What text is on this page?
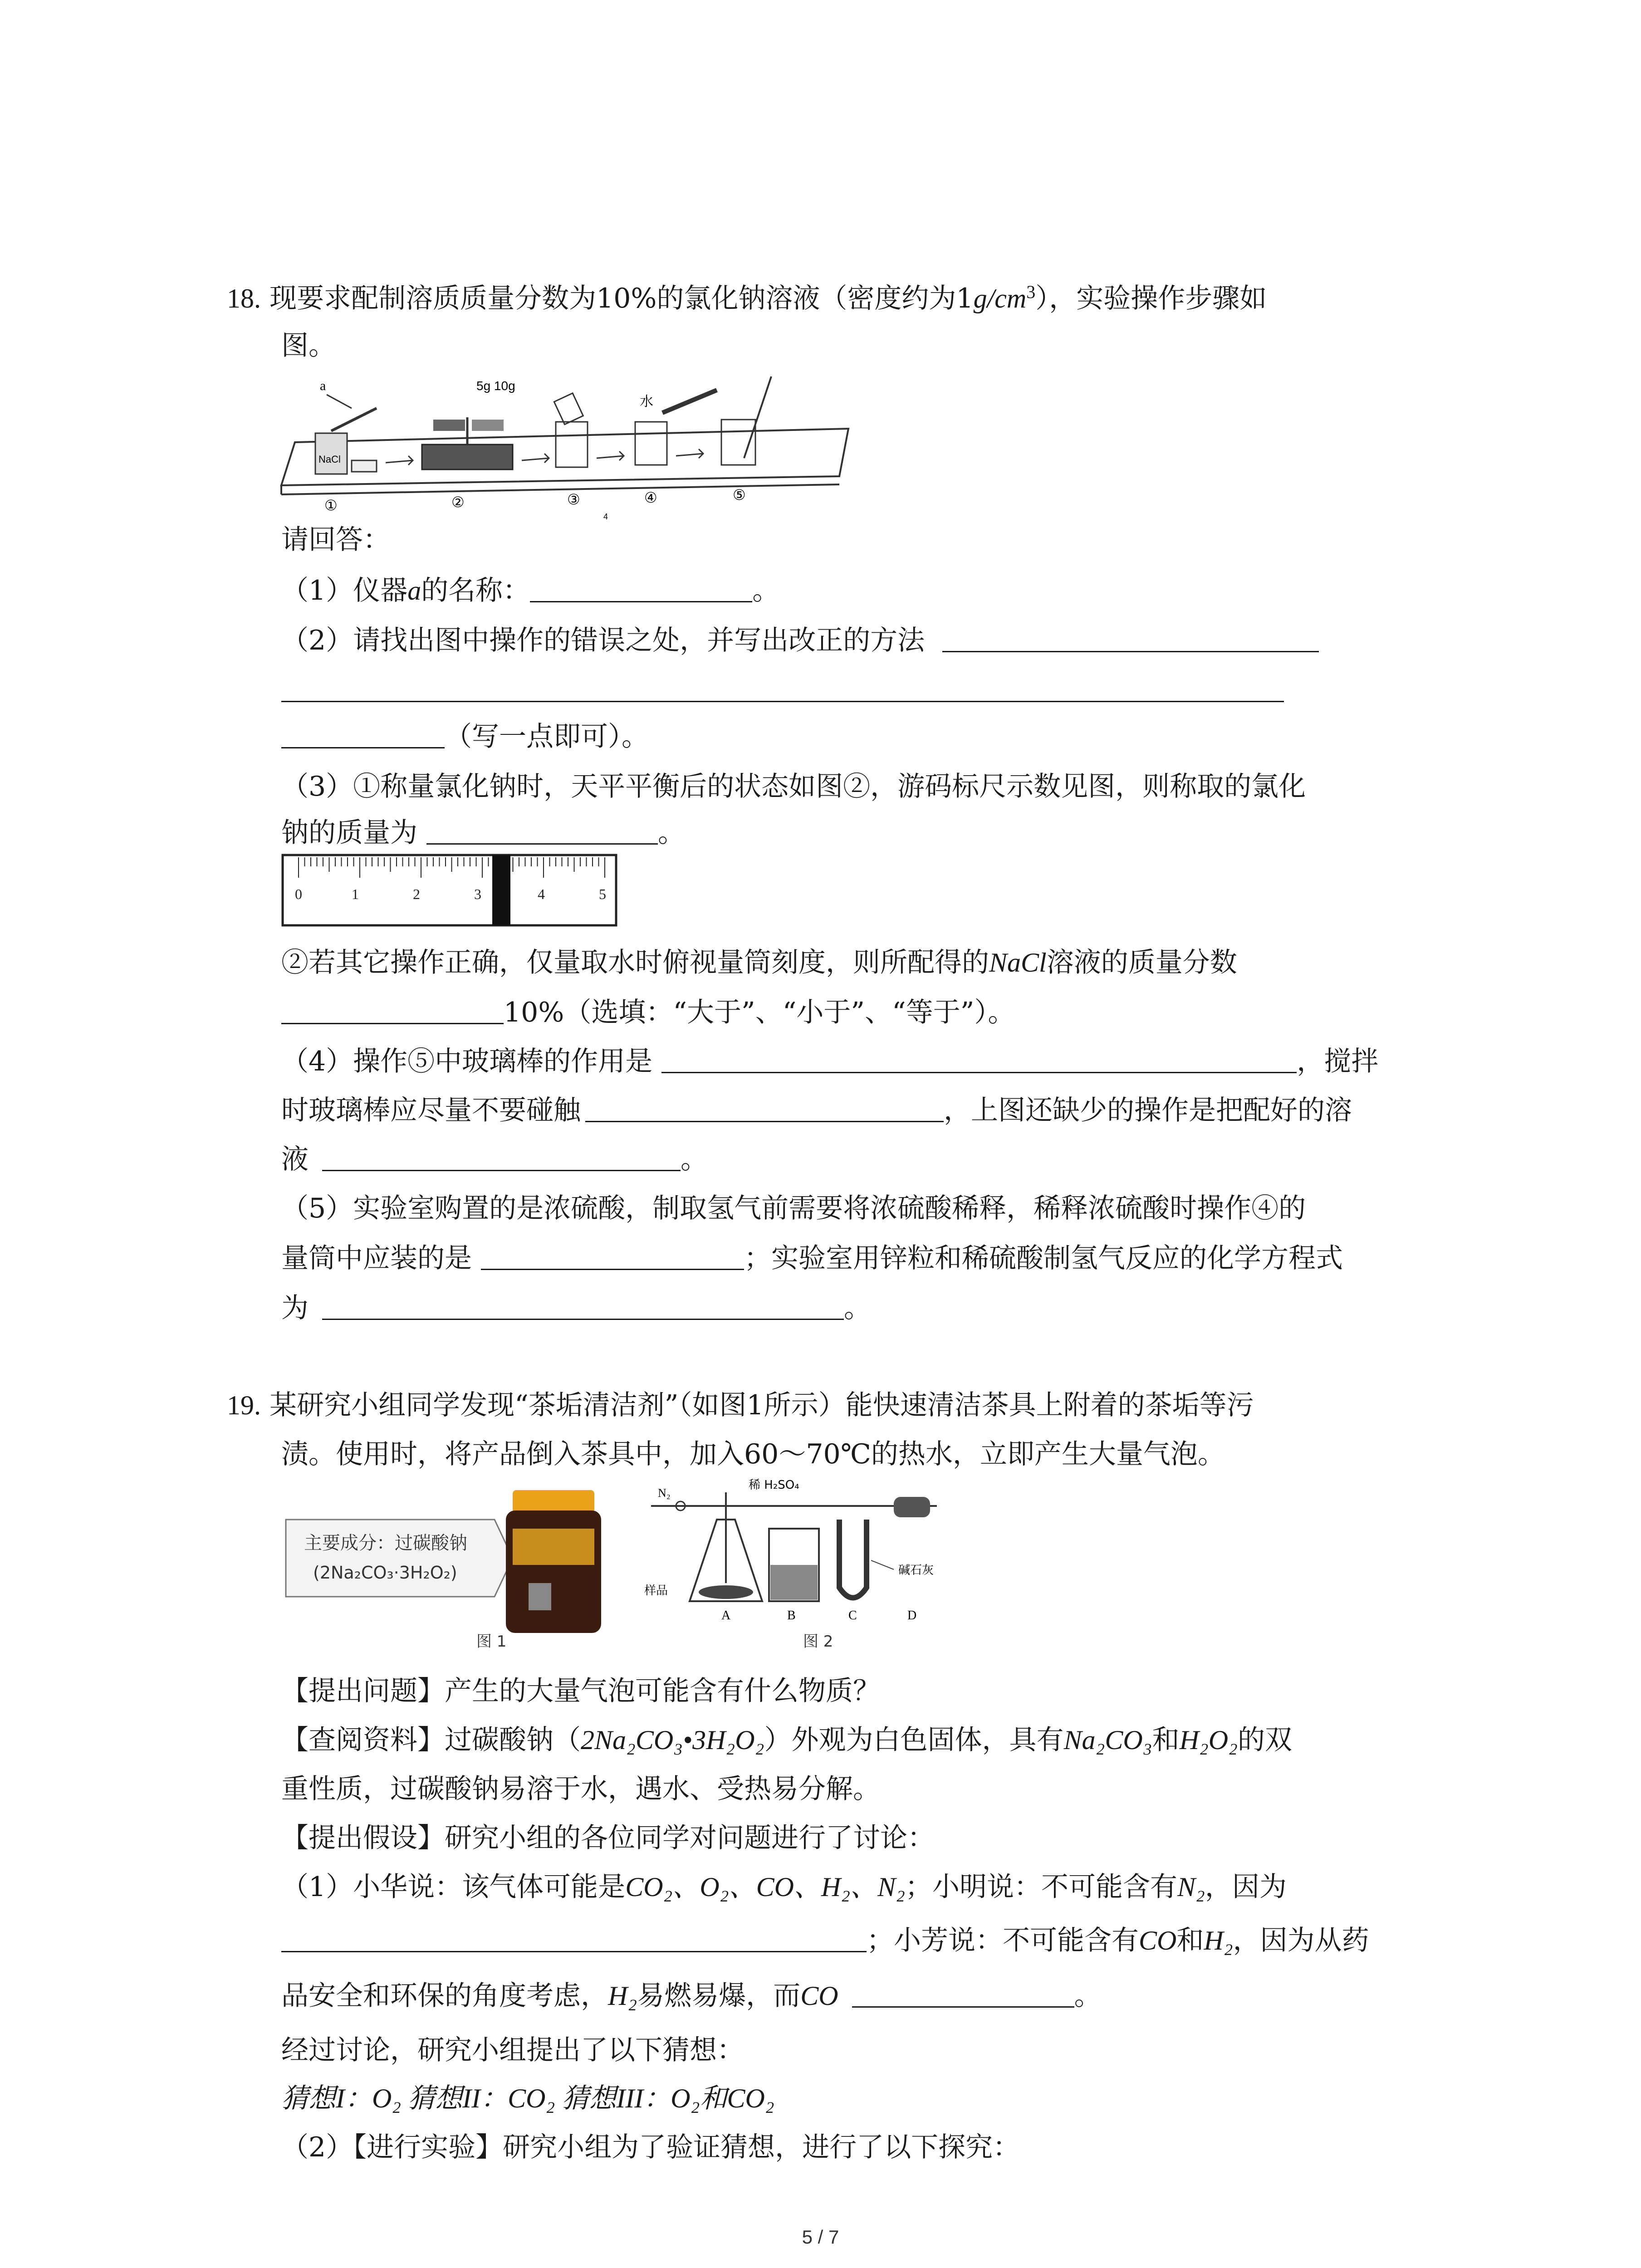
18. 现要求配制溶质质量分数为10%的氯化钠溶液（密度约为$1g/cm^3$），实验操作步骤如
图。
NaCl
a	5g 10g
水
①	②	③	④	⑤
4
请回答：
（1）仪器a的名称：	。
（2）请找出图中操作的错误之处，并写出改正的方法
（写一点即可）。
（3）①称量氯化钠时，天平平衡后的状态如图②，游码标尺示数见图，则称取的氯化
钠的质量为	。
0	1	2	3	4	5
②若其它操作正确，仅量取水时俯视量筒刻度，则所配得的NaCl溶液的质量分数
10%（选填：“大于”、“小于”、“等于”）。
（4）操作⑤中玻璃棒的作用是	，搅拌
时玻璃棒应尽量不要碰触	，上图还缺少的操作是把配好的溶
液	。
（5）实验室购置的是浓硫酸，制取氢气前需要将浓硫酸稀释，稀释浓硫酸时操作④的
量筒中应装的是	；实验室用锌粒和稀硫酸制氢气反应的化学方程式
为	。
19. 某研究小组同学发现“茶垢清洁剂”（如图1所示）能快速清洁茶具上附着的茶垢等污
渍。使用时，将产品倒入茶具中，加入60～70℃的热水，立即产生大量气泡。
主要成分：过碳酸钠
(2Na₂CO₃·3H₂O₂)
图 1
N₂
稀 H₂SO₄
样品
碱石灰
A	B	C	D
图 2
【提出问题】产生的大量气泡可能含有什么物质？
【查阅资料】过碳酸钠（2Na₂CO₃•3H₂O₂）外观为白色固体，具有Na₂CO₃和H₂O₂的双
重性质，过碳酸钠易溶于水，遇水、受热易分解。
【提出假设】研究小组的各位同学对问题进行了讨论：
（1）小华说：该气体可能是CO₂、O₂、CO、H₂、N₂；小明说：不可能含有N₂，因为
；小芳说：不可能含有CO和H₂，因为从药
品安全和环保的角度考虑，H₂易燃易爆，而CO	。
经过讨论，研究小组提出了以下猜想：
猜想I：O₂ 猜想II：CO₂ 猜想III：O₂和CO₂
（2）【进行实验】研究小组为了验证猜想，进行了以下探究：
5 / 7
